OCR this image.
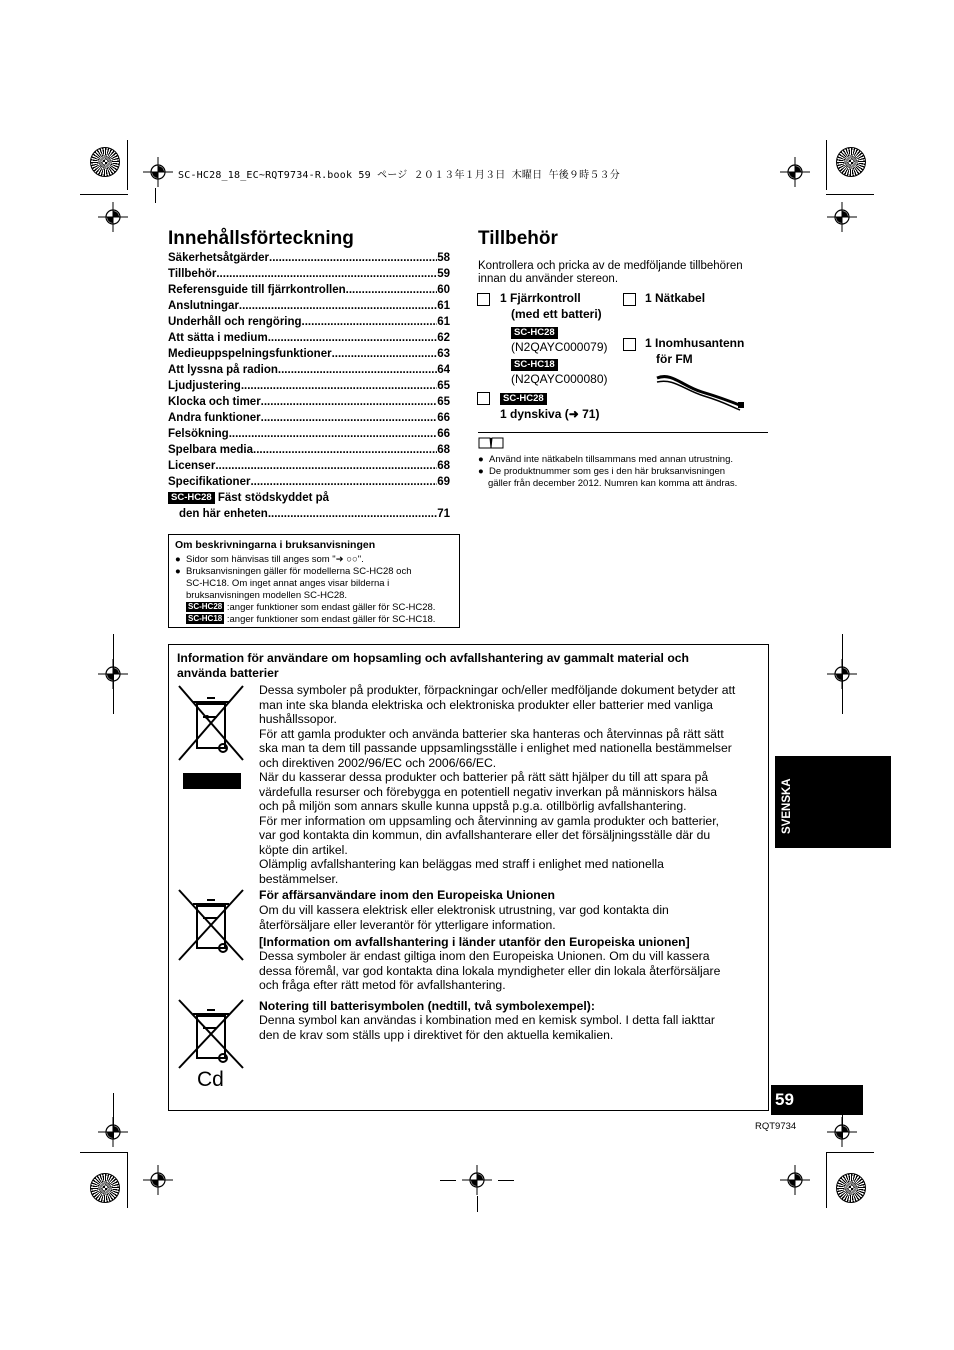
SC-HC28_18_EC~RQT9734-R.book 59 ページ ２０１３年１月３日 木曜日 午後９時５３分
Innehållsförteckning
Säkerhetsåtgärder .....	58
Tillbehör .....	59
Referensguide till fjärrkontrollen .....	60
Anslutningar .....	61
Underhåll och rengöring .....	61
Att sätta i medium .....	62
Medieuppspelningsfunktioner .....	63
Att lyssna på radion .....	64
Ljudjustering .....	65
Klocka och timer .....	65
Andra funktioner .....	66
Felsökning .....	66
Spelbara media .....	68
Licenser .....	68
Specifikationer .....	69
SC-HC28 Fäst stödskyddet på
den här enheten .....	71
Om beskrivningarna i bruksanvisningen
●  Sidor som hänvisas till anges som "➜ ○○".
●  Bruksanvisningen gäller för modellerna SC-HC28 och
SC-HC18. Om inget annat anges visar bilderna i
bruksanvisningen modellen SC-HC28.
SC-HC28 :anger funktioner som endast gäller för SC-HC28.
SC-HC18 :anger funktioner som endast gäller för SC-HC18.
Tillbehör
Kontrollera och pricka av de medföljande tillbehören
innan du använder stereon.
1 Fjärrkontroll
(med ett batteri)
SC-HC28
(N2QAYC000079)
SC-HC18
(N2QAYC000080)
1 Nätkabel
1 Inomhusantenn
för FM
SC-HC28
1 dynskiva (➜ 71)
●  Använd inte nätkabeln tillsammans med annan utrustning.
●  De produktnummer som ges i den här bruksanvisningen
gäller från december 2012. Numren kan komma att ändras.
Information för användare om hopsamling och avfallshantering av gammalt material och
använda batterier
Dessa symboler på produkter, förpackningar och/eller medföljande dokument betyder att
man inte ska blanda elektriska och elektroniska produkter eller batterier med vanliga
hushållssopor.
För att gamla produkter och använda batterier ska hanteras och återvinnas på rätt sätt
ska man ta dem till passande uppsamlingsställe i enlighet med nationella bestämmelser
och direktiven 2002/96/EC och 2006/66/EC.
När du kasserar dessa produkter och batterier på rätt sätt hjälper du till att spara på
värdefulla resurser och förebygga en potentiell negativ inverkan på människors hälsa
och på miljön som annars skulle kunna uppstå p.g.a. otillbörlig avfallshantering.
För mer information om uppsamling och återvinning av gamla produkter och batterier,
var god kontakta din kommun, din avfallshanterare eller det försäljningsställe där du
köpte din artikel.
Olämplig avfallshantering kan beläggas med straff i enlighet med nationella
bestämmelser.
För affärsanvändare inom den Europeiska Unionen
Om du vill kassera elektrisk eller elektronisk utrustning, var god kontakta din
återförsäljare eller leverantör för ytterligare information.
[Information om avfallshantering i länder utanför den Europeiska unionen]
Dessa symboler är endast giltiga inom den Europeiska Unionen. Om du vill kassera
dessa föremål, var god kontakta dina lokala myndigheter eller din lokala återförsäljare
och fråga efter rätt metod för avfallshantering.
Notering till batterisymbolen (nedtill, två symbolexempel):
Denna symbol kan användas i kombination med en kemisk symbol. I detta fall iakttar
den de krav som ställs upp i direktivet för den aktuella kemikalien.
Cd
SVENSKA
59
RQT9734
